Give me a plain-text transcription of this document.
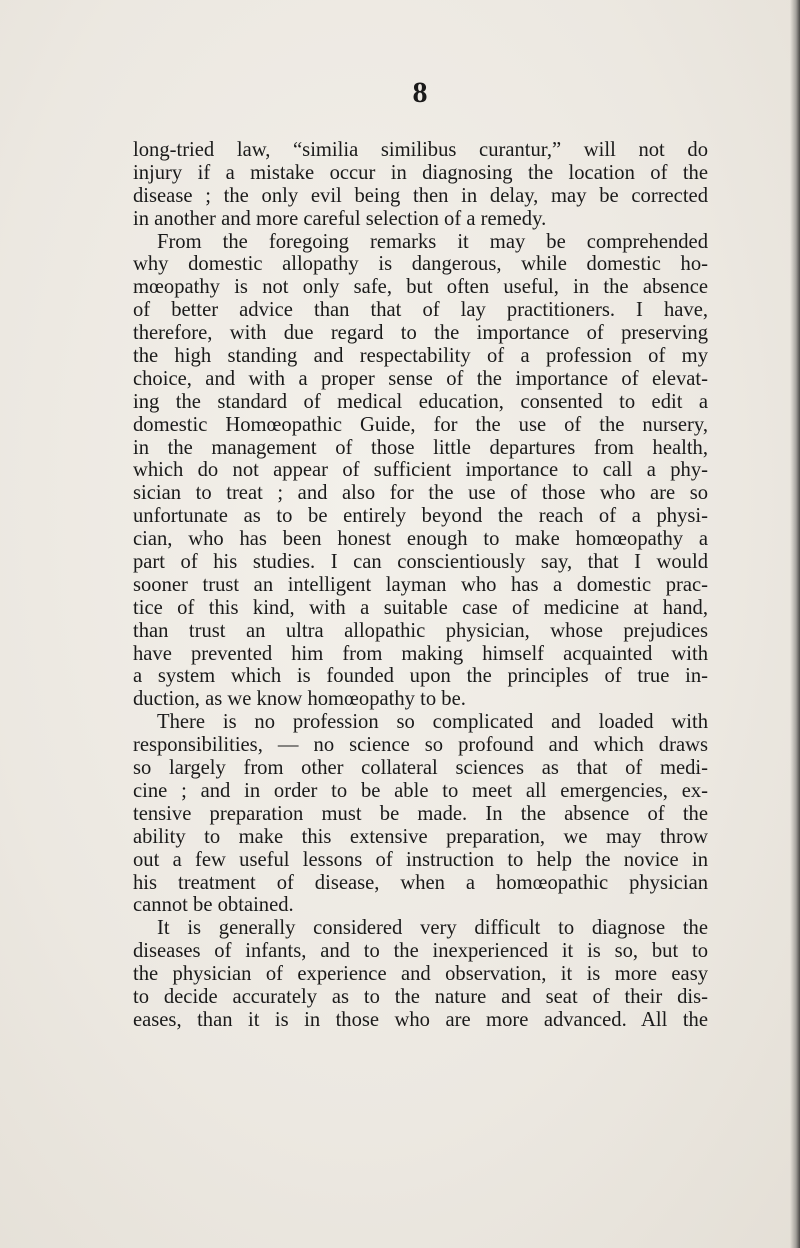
8
long-tried law, “similia similibus curantur,” will not do
injury if a mistake occur in diagnosing the location of the
disease ; the only evil being then in delay, may be corrected
in another and more careful selection of a remedy.
From the foregoing remarks it may be comprehended
why domestic allopathy is dangerous, while domestic ho-
mœopathy is not only safe, but often useful, in the absence
of better advice than that of lay practitioners. I have,
therefore, with due regard to the importance of preserving
the high standing and respectability of a profession of my
choice, and with a proper sense of the importance of elevat-
ing the standard of medical education, consented to edit a
domestic Homœopathic Guide, for the use of the nursery,
in the management of those little departures from health,
which do not appear of sufficient importance to call a phy-
sician to treat ; and also for the use of those who are so
unfortunate as to be entirely beyond the reach of a physi-
cian, who has been honest enough to make homœopathy a
part of his studies. I can conscientiously say, that I would
sooner trust an intelligent layman who has a domestic prac-
tice of this kind, with a suitable case of medicine at hand,
than trust an ultra allopathic physician, whose prejudices
have prevented him from making himself acquainted with
a system which is founded upon the principles of true in-
duction, as we know homœopathy to be.
There is no profession so complicated and loaded with
responsibilities, — no science so profound and which draws
so largely from other collateral sciences as that of medi-
cine ; and in order to be able to meet all emergencies, ex-
tensive preparation must be made. In the absence of the
ability to make this extensive preparation, we may throw
out a few useful lessons of instruction to help the novice in
his treatment of disease, when a homœopathic physician
cannot be obtained.
It is generally considered very difficult to diagnose the
diseases of infants, and to the inexperienced it is so, but to
the physician of experience and observation, it is more easy
to decide accurately as to the nature and seat of their dis-
eases, than it is in those who are more advanced. All the
